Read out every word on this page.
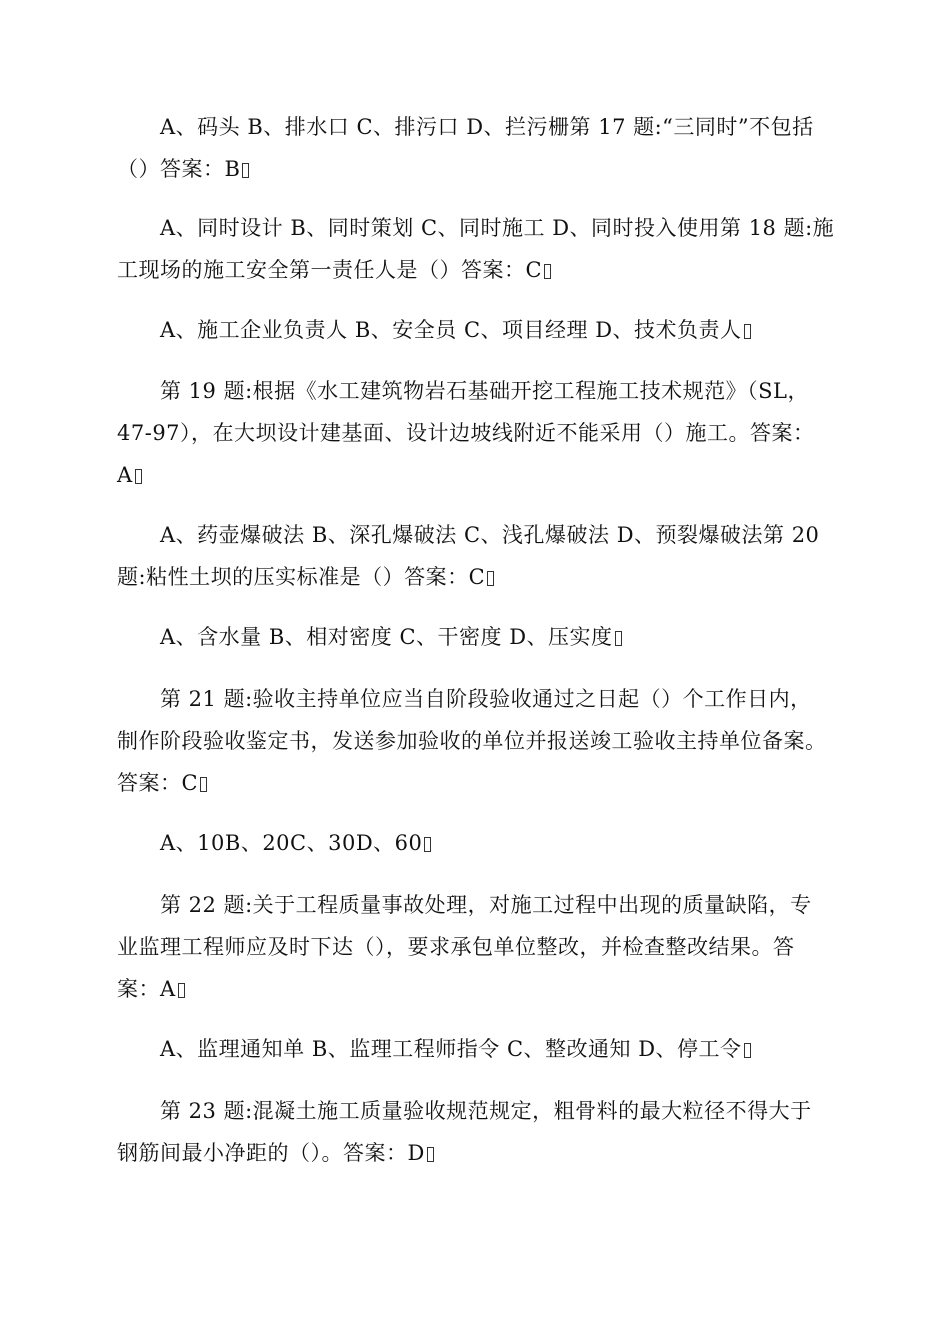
A、码头 B、排水口 C、排污口 D、拦污栅第 17 题:“三同时”不包括
（）答案：B
A、同时设计 B、同时策划 C、同时施工 D、同时投入使用第 18 题:施
工现场的施工安全第一责任人是（）答案：C
A、施工企业负责人 B、安全员 C、项目经理 D、技术负责人
第 19 题:根据《水工建筑物岩石基础开挖工程施工技术规范》（SL，
47-97），在大坝设计建基面、设计边坡线附近不能采用（）施工。答案：
A
A、药壶爆破法 B、深孔爆破法 C、浅孔爆破法 D、预裂爆破法第 20
题:粘性土坝的压实标准是（）答案：C
A、含水量 B、相对密度 C、干密度 D、压实度
第 21 题:验收主持单位应当自阶段验收通过之日起（）个工作日内，
制作阶段验收鉴定书，发送参加验收的单位并报送竣工验收主持单位备案。
答案：C
A、10B、20C、30D、60
第 22 题:关于工程质量事故处理，对施工过程中出现的质量缺陷，专
业监理工程师应及时下达（），要求承包单位整改，并检查整改结果。答
案：A
A、监理通知单 B、监理工程师指令 C、整改通知 D、停工令
第 23 题:混凝土施工质量验收规范规定，粗骨料的最大粒径不得大于
钢筋间最小净距的（）。答案：D
